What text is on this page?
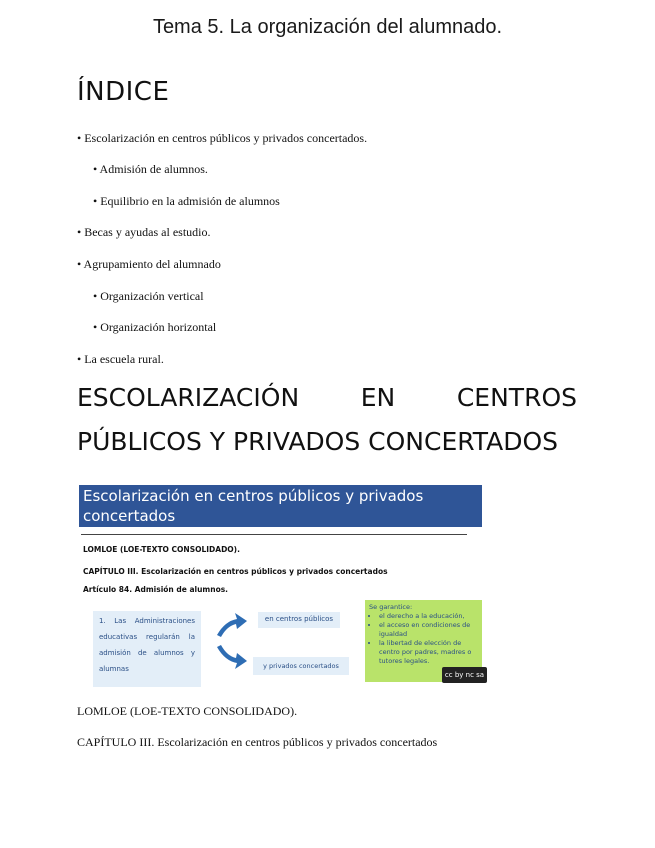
Tema 5. La organización del alumnado.
ÍNDICE
• Escolarización en centros públicos y privados concertados.
• Admisión de alumnos.
• Equilibrio en la admisión de alumnos
• Becas y ayudas al estudio.
• Agrupamiento del alumnado
• Organización vertical
• Organización horizontal
• La escuela rural.
ESCOLARIZACIÓN EN CENTROS
PÚBLICOS Y PRIVADOS CONCERTADOS
Escolarización en centros públicos y privados concertados
LOMLOE (LOE-TEXTO CONSOLIDADO).
CAPÍTULO III. Escolarización en centros públicos y privados concertados
Artículo 84. Admisión de alumnos.
1. Las Administraciones educativas regularán la admisión de alumnos y alumnas
en centros públicos
y privados concertados
Se garantice:
• el derecho a la educación,
• el acceso en condiciones de igualdad
• la libertad de elección de centro por padres, madres o tutores legales.
cc by nc sa
LOMLOE (LOE-TEXTO CONSOLIDADO).
CAPÍTULO III. Escolarización en centros públicos y privados concertados
